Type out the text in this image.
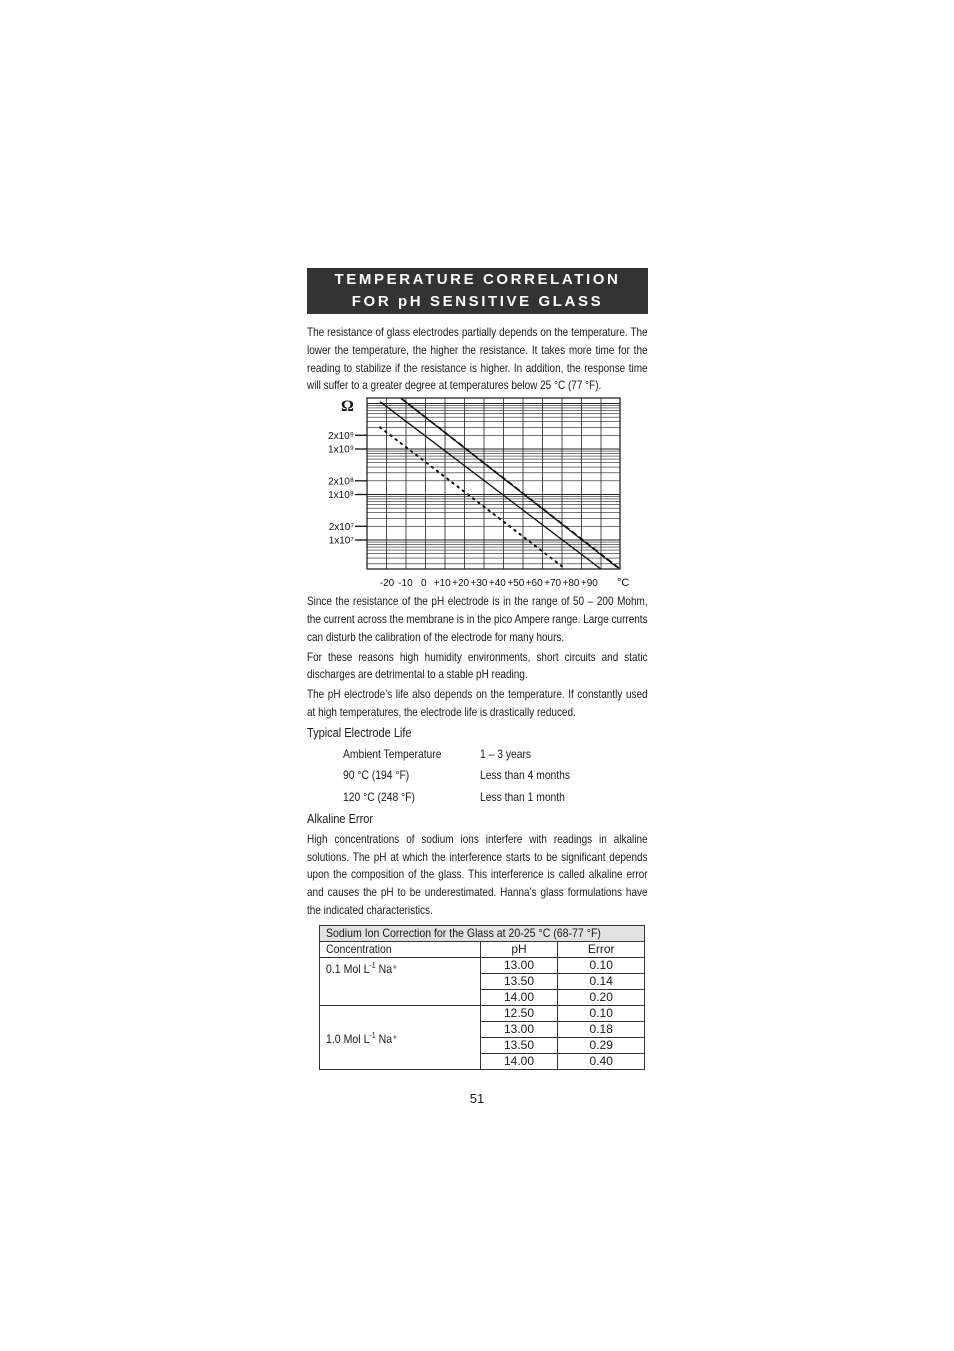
TEMPERATURE CORRELATION
FOR pH SENSITIVE GLASS

The resistance of glass electrodes partially depends on the temperature. The lower the temperature, the higher the resistance. It takes more time for the reading to stabilize if the resistance is higher. In addition, the response time will suffer to a greater degree at temperatures below 25 °C (77 °F).

2x10⁹
1x10⁹
2x10⁸
1x10⁸
2x10⁷
1x10⁷
-20 -10 0 +10 +20 +30 +40 +50 +60 +70 +80 +90
Ω
°C

Since the resistance of the pH electrode is in the range of 50 – 200 Mohm, the current across the membrane is in the pico Ampere range. Large currents can disturb the calibration of the electrode for many hours.

For these reasons high humidity environments, short circuits and static discharges are detrimental to a stable pH reading.

The pH electrode’s life also depends on the temperature. If constantly used at high temperatures, the electrode life is drastically reduced.

Typical Electrode Life
Ambient Temperature	1 – 3 years
90 °C (194 °F)	Less than 4 months
120 °C (248 °F)	Less than 1 month
Alkaline Error

High concentrations of sodium ions interfere with readings in alkaline solutions. The pH at which the interference starts to be significant depends upon the composition of the glass. This interference is called alkaline error and causes the pH to be underestimated. Hanna’s glass formulations have the indicated characteristics.

Sodium Ion Correction for the Glass at 20-25 °C (68-77 °F)		
Concentration	pH	Error
0.1 Mol $L^{-1}$ Na⁺	13.00	0.10
	13.50	0.14
	14.00	0.20
1.0 Mol $L^{-1}$ Na⁺	12.50	0.10
	13.00	0.18
	13.50	0.29
	14.00	0.40
51
